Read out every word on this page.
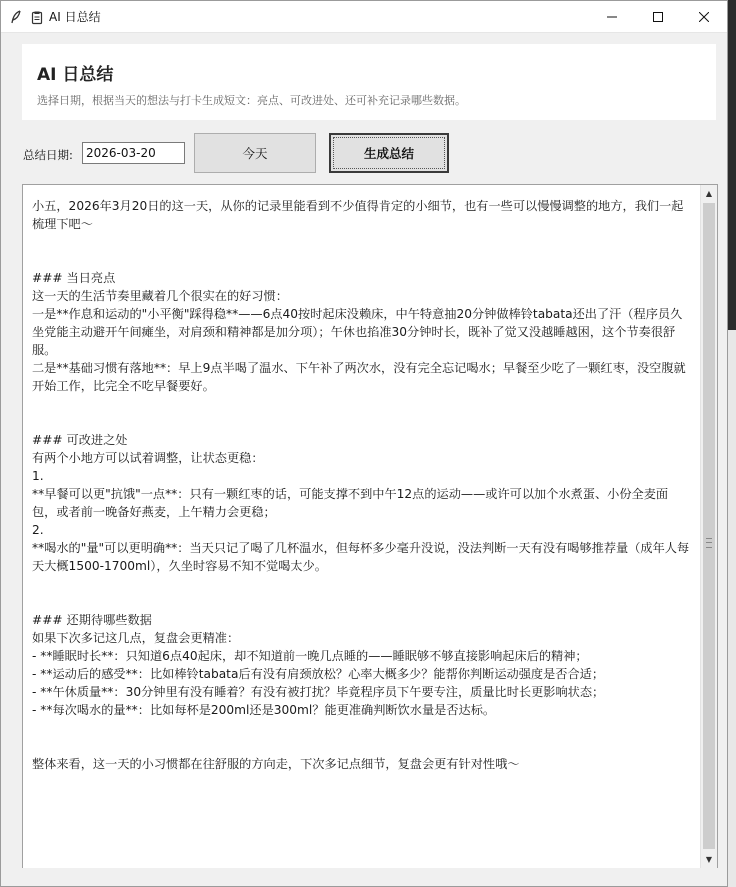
AI 日总结
AI 日总结
选择日期，根据当天的想法与打卡生成短文：亮点、可改进处、还可补充记录哪些数据。
总结日期:
2026-03-20	今天	生成总结
小五，2026年3月20日的这一天，从你的记录里能看到不少值得肯定的小细节，也有一些可以慢慢调整的地方，我们一起梳理下吧～

### 当日亮点
这一天的生活节奏里藏着几个很实在的好习惯：
一是**作息和运动的"小平衡"踩得稳**——6点40按时起床没赖床，中午特意抽20分钟做棒铃tabata还出了汗（程序员久坐党能主动避开午间瘫坐，对肩颈和精神都是加分项）；午休也掐准30分钟时长，既补了觉又没越睡越困，这个节奏很舒服。
二是**基础习惯有落地**：早上9点半喝了温水、下午补了两次水，没有完全忘记喝水；早餐至少吃了一颗红枣，没空腹就开始工作，比完全不吃早餐要好。

### 可改进之处
有两个小地方可以试着调整，让状态更稳：
1.
**早餐可以更"抗饿"一点**：只有一颗红枣的话，可能支撑不到中午12点的运动——或许可以加个水煮蛋、小份全麦面包，或者前一晚备好燕麦，上午精力会更稳；
2.
**喝水的"量"可以更明确**：当天只记了喝了几杯温水，但每杯多少毫升没说，没法判断一天有没有喝够推荐量（成年人每天大概1500-1700ml），久坐时容易不知不觉喝太少。

### 还期待哪些数据
如果下次多记这几点，复盘会更精准：
- **睡眠时长**：只知道6点40起床，却不知道前一晚几点睡的——睡眠够不够直接影响起床后的精神；
- **运动后的感受**：比如棒铃tabata后有没有肩颈放松？心率大概多少？能帮你判断运动强度是否合适；
- **午休质量**：30分钟里有没有睡着？有没有被打扰？毕竟程序员下午要专注，质量比时长更影响状态；
- **每次喝水的量**：比如每杯是200ml还是300ml？能更准确判断饮水量是否达标。

整体来看，这一天的小习惯都在往舒服的方向走，下次多记点细节，复盘会更有针对性哦～
▲
▼
